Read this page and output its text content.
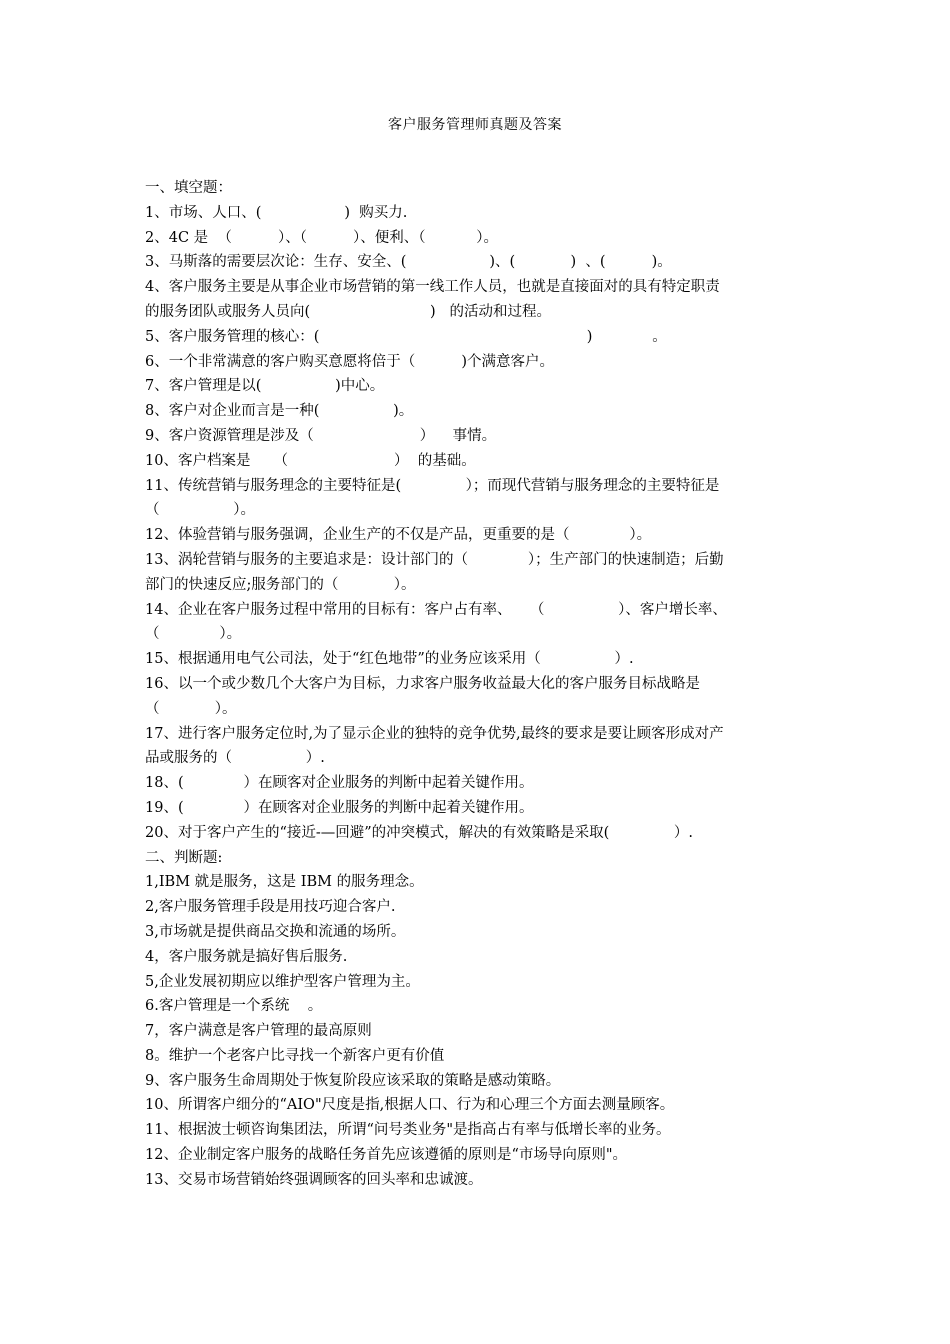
客户服务管理师真题及答案
一、填空题：
1、市场、人口、(                  )  购买力.
2、4C 是  （          ）、（          ）、便利、（           ）。
3、马斯落的需要层次论：生存、安全、(                  )、(            )  、(          )。
4、客户服务主要是从事企业市场营销的第一线工作人员，也就是直接面对的具有特定职责
的服务团队或服务人员向(                          )   的活动和过程。
5、客户服务管理的核心：(                                                          )             。
6、一个非常满意的客户购买意愿将倍于（          )个满意客户。
7、客户管理是以(                )中心。
8、客户对企业而言是一种(                )。
9、客户资源管理是涉及（                       ）    事情。
10、客户档案是     （                       ）  的基础。
11、传统营销与服务理念的主要特征是(              ）；而现代营销与服务理念的主要特征是
（                ）。
12、体验营销与服务强调，企业生产的不仅是产品，更重要的是（             ）。
13、涡轮营销与服务的主要追求是：设计部门的（             ）；生产部门的快速制造；后勤
部门的快速反应;服务部门的（            ）。
14、企业在客户服务过程中常用的目标有：客户占有率、    （                ）、客户增长率、
（             ）。
15、根据通用电气公司法，处于“红色地带”的业务应该采用（                ）.
16、以一个或少数几个大客户为目标，力求客户服务收益最大化的客户服务目标战略是
（            ）。
17、进行客户服务定位时,为了显示企业的独特的竞争优势,最终的要求是要让顾客形成对产
品或服务的（                ）.
18、(             ）在顾客对企业服务的判断中起着关键作用。
19、(             ）在顾客对企业服务的判断中起着关键作用。
20、对于客户产生的“接近-—回避”的冲突模式，解决的有效策略是采取(              ）.
二、判断题:
1,IBM 就是服务，这是 IBM 的服务理念。
2,客户服务管理手段是用技巧迎合客户.
3,市场就是提供商品交换和流通的场所。
4，客户服务就是搞好售后服务.
5,企业发展初期应以维护型客户管理为主。
6.客户管理是一个系统    。
7，客户满意是客户管理的最高原则
8。维护一个老客户比寻找一个新客户更有价值
9、客户服务生命周期处于恢复阶段应该采取的策略是感动策略。
10、所谓客户细分的“AIO"尺度是指,根据人口、行为和心理三个方面去测量顾客。
11、根据波士顿咨询集团法，所谓“问号类业务"是指高占有率与低增长率的业务。
12、企业制定客户服务的战略任务首先应该遵循的原则是“市场导向原则"。
13、交易市场营销始终强调顾客的回头率和忠诚渡。
